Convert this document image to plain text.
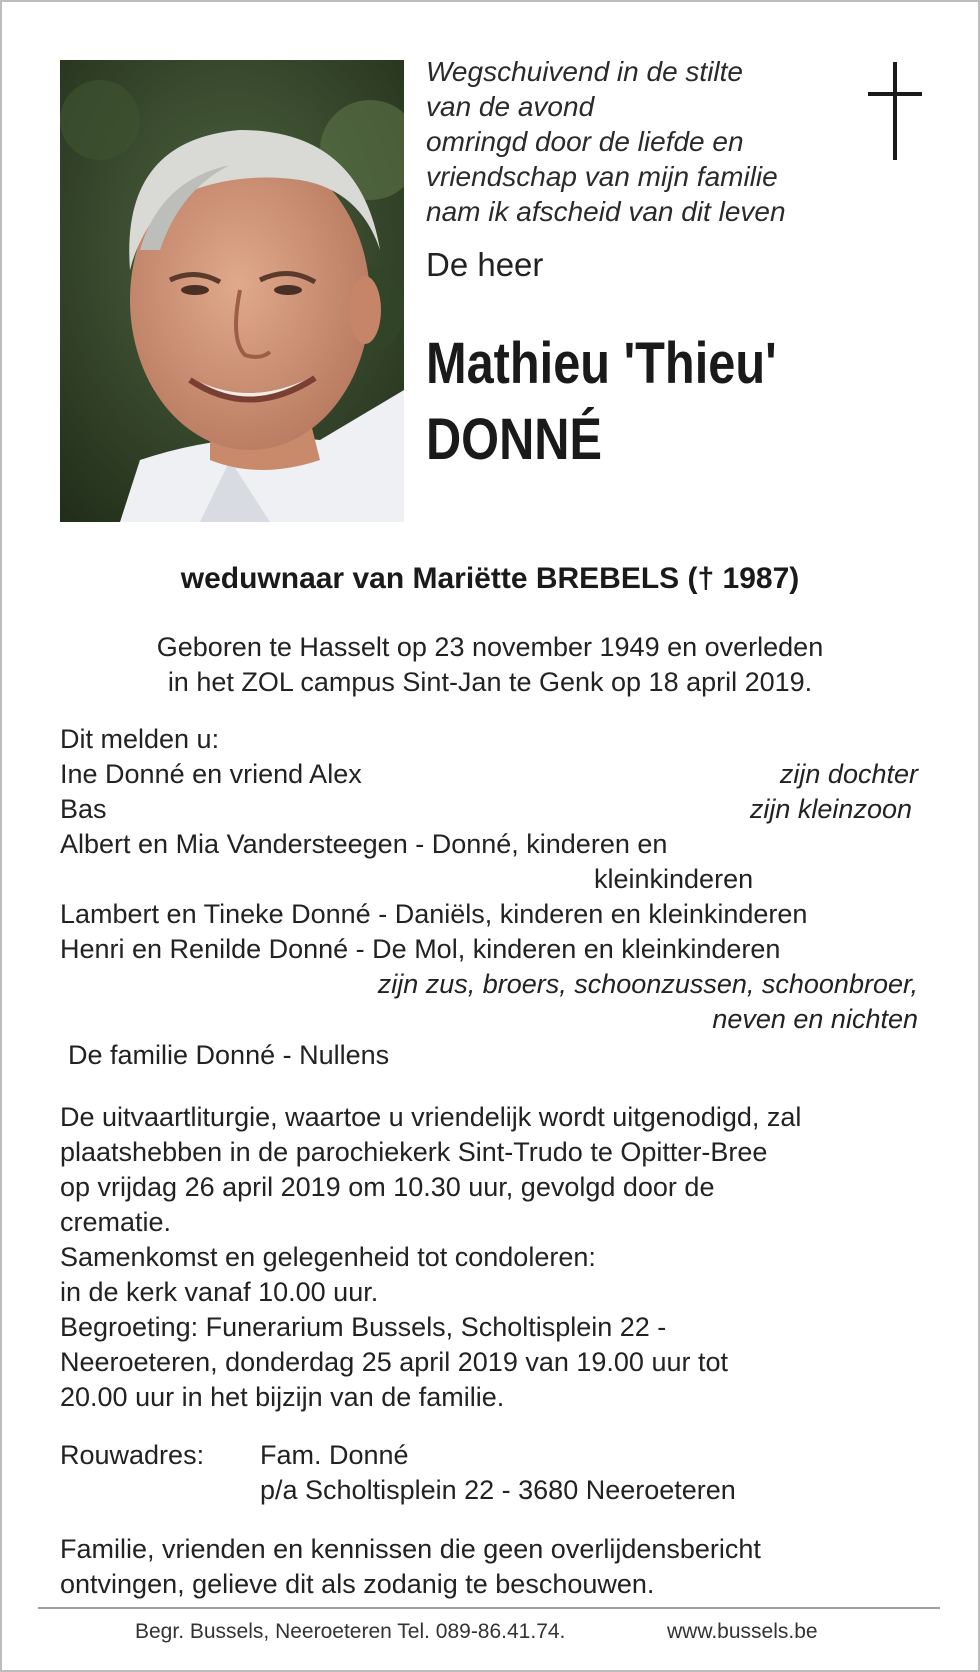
Wegschuivend in de stilte
van de avond
omringd door de liefde en
vriendschap van mijn familie
nam ik afscheid van dit leven
De heer
Mathieu 'Thieu'
DONNÉ
weduwnaar van Mariëtte BREBELS († 1987)
Geboren te Hasselt op 23 november 1949 en overleden
in het ZOL campus Sint-Jan te Genk op 18 april 2019.
Dit melden u:
Ine Donné en vriend Alex	zijn dochter
Bas	zijn kleinzoon
Albert en Mia Vandersteegen - Donné, kinderen en
kleinkinderen
Lambert en Tineke Donné - Daniëls, kinderen en kleinkinderen
Henri en Renilde Donné - De Mol, kinderen en kleinkinderen
zijn zus, broers, schoonzussen, schoonbroer,
neven en nichten
De familie Donné - Nullens
De uitvaartliturgie, waartoe u vriendelijk wordt uitgenodigd, zal
plaatshebben in de parochiekerk Sint-Trudo te Opitter-Bree
op vrijdag 26 april 2019 om 10.30 uur, gevolgd door de
crematie.
Samenkomst en gelegenheid tot condoleren:
in de kerk vanaf 10.00 uur.
Begroeting: Funerarium Bussels, Scholtisplein 22 -
Neeroeteren, donderdag 25 april 2019 van 19.00 uur tot
20.00 uur in het bijzijn van de familie.
Rouwadres: Fam. Donné
p/a Scholtisplein 22 - 3680 Neeroeteren
Familie, vrienden en kennissen die geen overlijdensbericht
ontvingen, gelieve dit als zodanig te beschouwen.
Begr. Bussels, Neeroeteren Tel. 089-86.41.74.	www.bussels.be
